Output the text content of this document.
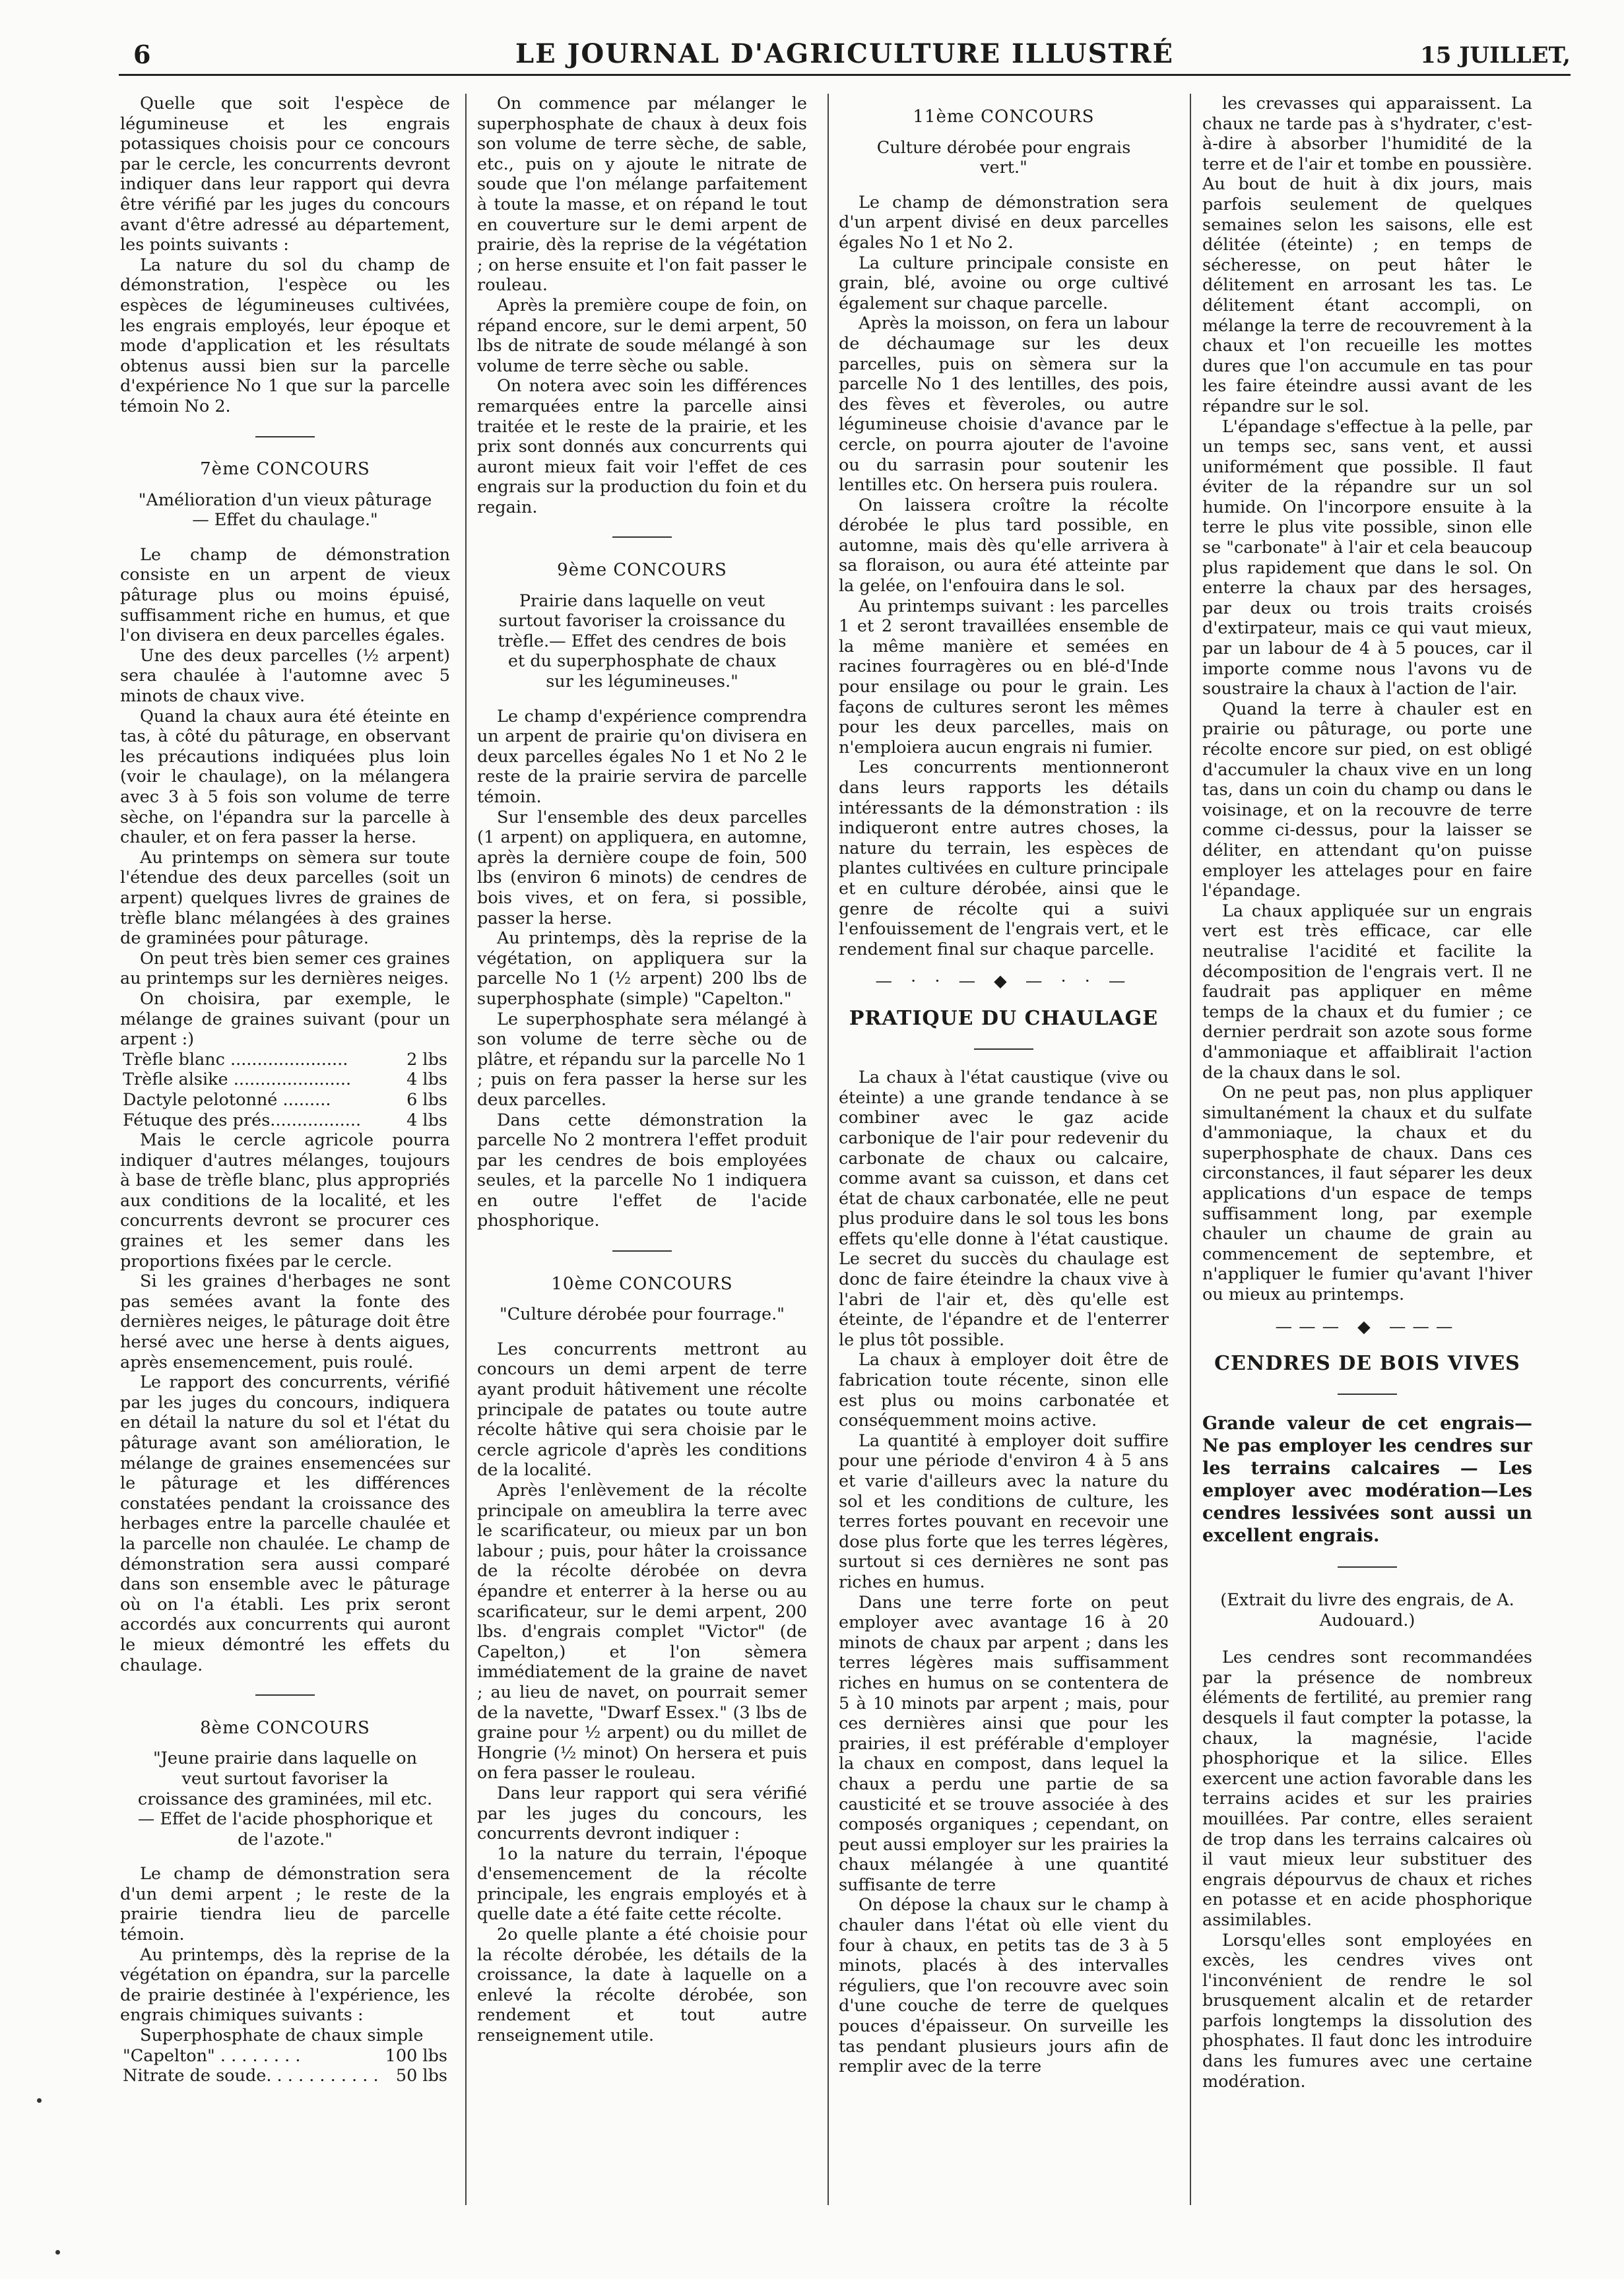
6	LE JOURNAL D'AGRICULTURE ILLUSTRÉ	15 JUILLET,

Quelle que soit l'espèce de légumineuse et les engrais potassiques choisis pour ce concours par le cercle, les concurrents devront indiquer dans leur rapport qui devra être vérifié par les juges du concours avant d'être adressé au département, les points suivants :

La nature du sol du champ de démonstration, l'espèce ou les espèces de légumineuses cultivées, les engrais employés, leur époque et mode d'application et les résultats obtenus aussi bien sur la parcelle d'expérience No 1 que sur la parcelle témoin No 2.

7ème CONCOURS

"Amélioration d'un vieux pâturage — Effet du chaulage."

Le champ de démonstration consiste en un arpent de vieux pâturage plus ou moins épuisé, suffisamment riche en humus, et que l'on divisera en deux parcelles égales.

Une des deux parcelles (½ arpent) sera chaulée à l'automne avec 5 minots de chaux vive.

Quand la chaux aura été éteinte en tas, à côté du pâturage, en observant les précautions indiquées plus loin (voir le chaulage), on la mélangera avec 3 à 5 fois son volume de terre sèche, on l'épandra sur la parcelle à chauler, et on fera passer la herse.

Au printemps on sèmera sur toute l'étendue des deux parcelles (soit un arpent) quelques livres de graines de trèfle blanc mélangées à des graines de graminées pour pâturage.

On peut très bien semer ces graines au printemps sur les dernières neiges.

On choisira, par exemple, le mélange de graines suivant (pour un arpent :)

Trèfle blanc ......................	2 lbs

Trèfle alsike ......................	4 lbs

Dactyle pelotonné .........	6 lbs

Fétuque des prés.................	4 lbs

Mais le cercle agricole pourra indiquer d'autres mélanges, toujours à base de trèfle blanc, plus appropriés aux conditions de la localité, et les concurrents devront se procurer ces graines et les semer dans les proportions fixées par le cercle.

Si les graines d'herbages ne sont pas semées avant la fonte des dernières neiges, le pâturage doit être hersé avec une herse à dents aigues, après ensemencement, puis roulé.

Le rapport des concurrents, vérifié par les juges du concours, indiquera en détail la nature du sol et l'état du pâturage avant son amélioration, le mélange de graines ensemencées sur le pâturage et les différences constatées pendant la croissance des herbages entre la parcelle chaulée et la parcelle non chaulée. Le champ de démonstration sera aussi comparé dans son ensemble avec le pâturage où on l'a établi. Les prix seront accordés aux concurrents qui auront le mieux démontré les effets du chaulage.

8ème CONCOURS

"Jeune prairie dans laquelle on veut surtout favoriser la croissance des graminées, mil etc. — Effet de l'acide phosphorique et de l'azote."

Le champ de démonstration sera d'un demi arpent ; le reste de la prairie tiendra lieu de parcelle témoin.

Au printemps, dès la reprise de la végétation on épandra, sur la parcelle de prairie destinée à l'expérience, les engrais chimiques suivants :

Superphosphate de chaux simple

"Capelton" . . . . . . . .	100 lbs

Nitrate de soude. . . . . . . . . . . 50 lbs

On commence par mélanger le superphosphate de chaux à deux fois son volume de terre sèche, de sable, etc., puis on y ajoute le nitrate de soude que l'on mélange parfaitement à toute la masse, et on répand le tout en couverture sur le demi arpent de prairie, dès la reprise de la végétation ; on herse ensuite et l'on fait passer le rouleau.

Après la première coupe de foin, on répand encore, sur le demi arpent, 50 lbs de nitrate de soude mélangé à son volume de terre sèche ou sable.

On notera avec soin les différences remarquées entre la parcelle ainsi traitée et le reste de la prairie, et les prix sont donnés aux concurrents qui auront mieux fait voir l'effet de ces engrais sur la production du foin et du regain.

9ème CONCOURS

Prairie dans laquelle on veut surtout favoriser la croissance du trèfle.— Effet des cendres de bois et du superphosphate de chaux sur les légumineuses."

Le champ d'expérience comprendra un arpent de prairie qu'on divisera en deux parcelles égales No 1 et No 2 le reste de la prairie servira de parcelle témoin.

Sur l'ensemble des deux parcelles (1 arpent) on appliquera, en automne, après la dernière coupe de foin, 500 lbs (environ 6 minots) de cendres de bois vives, et on fera, si possible, passer la herse.

Au printemps, dès la reprise de la végétation, on appliquera sur la parcelle No 1 (½ arpent) 200 lbs de superphosphate (simple) "Capelton."

Le superphosphate sera mélangé à son volume de terre sèche ou de plâtre, et répandu sur la parcelle No 1 ; puis on fera passer la herse sur les deux parcelles.

Dans cette démonstration la parcelle No 2 montrera l'effet produit par les cendres de bois employées seules, et la parcelle No 1 indiquera en outre l'effet de l'acide phosphorique.

10ème CONCOURS

"Culture dérobée pour fourrage."

Les concurrents mettront au concours un demi arpent de terre ayant produit hâtivement une récolte principale de patates ou toute autre récolte hâtive qui sera choisie par le cercle agricole d'après les conditions de la localité.

Après l'enlèvement de la récolte principale on ameublira la terre avec le scarificateur, ou mieux par un bon labour ; puis, pour hâter la croissance de la récolte dérobée on devra épandre et enterrer à la herse ou au scarificateur, sur le demi arpent, 200 lbs. d'engrais complet "Victor" (de Capelton,) et l'on sèmera immédiatement de la graine de navet ; au lieu de navet, on pourrait semer de la navette, "Dwarf Essex." (3 lbs de graine pour ½ arpent) ou du millet de Hongrie (½ minot) On hersera et puis on fera passer le rouleau.

Dans leur rapport qui sera vérifié par les juges du concours, les concurrents devront indiquer :

1o la nature du terrain, l'époque d'ensemencement de la récolte principale, les engrais employés et à quelle date a été faite cette récolte.

2o quelle plante a été choisie pour la récolte dérobée, les détails de la croissance, la date à laquelle on a enlevé la récolte dérobée, son rendement et tout autre renseignement utile.

11ème CONCOURS

Culture dérobée pour engrais vert."

Le champ de démonstration sera d'un arpent divisé en deux parcelles égales No 1 et No 2.

La culture principale consiste en grain, blé, avoine ou orge cultivé également sur chaque parcelle.

Après la moisson, on fera un labour de déchaumage sur les deux parcelles, puis on sèmera sur la parcelle No 1 des lentilles, des pois, des fèves et fèveroles, ou autre légumineuse choisie d'avance par le cercle, on pourra ajouter de l'avoine ou du sarrasin pour soutenir les lentilles etc. On hersera puis roulera.

On laissera croître la récolte dérobée le plus tard possible, en automne, mais dès qu'elle arrivera à sa floraison, ou aura été atteinte par la gelée, on l'enfouira dans le sol.

Au printemps suivant : les parcelles 1 et 2 seront travaillées ensemble de la même manière et semées en racines fourragères ou en blé-d'Inde pour ensilage ou pour le grain. Les façons de cultures seront les mêmes pour les deux parcelles, mais on n'emploiera aucun engrais ni fumier.

Les concurrents mentionneront dans leurs rapports les détails intéressants de la démonstration : ils indiqueront entre autres choses, la nature du terrain, les espèces de plantes cultivées en culture principale et en culture dérobée, ainsi que le genre de récolte qui a suivi l'enfouissement de l'engrais vert, et le rendement final sur chaque parcelle.

— · · — ◆ — · · —

PRATIQUE DU CHAULAGE

La chaux à l'état caustique (vive ou éteinte) a une grande tendance à se combiner avec le gaz acide carbonique de l'air pour redevenir du carbonate de chaux ou calcaire, comme avant sa cuisson, et dans cet état de chaux carbonatée, elle ne peut plus produire dans le sol tous les bons effets qu'elle donne à l'état caustique. Le secret du succès du chaulage est donc de faire éteindre la chaux vive à l'abri de l'air et, dès qu'elle est éteinte, de l'épandre et de l'enterrer le plus tôt possible.

La chaux à employer doit être de fabrication toute récente, sinon elle est plus ou moins carbonatée et conséquemment moins active.

La quantité à employer doit suffire pour une période d'environ 4 à 5 ans et varie d'ailleurs avec la nature du sol et les conditions de culture, les terres fortes pouvant en recevoir une dose plus forte que les terres légères, surtout si ces dernières ne sont pas riches en humus.

Dans une terre forte on peut employer avec avantage 16 à 20 minots de chaux par arpent ; dans les terres légères mais suffisamment riches en humus on se contentera de 5 à 10 minots par arpent ; mais, pour ces dernières ainsi que pour les prairies, il est préférable d'employer la chaux en compost, dans lequel la chaux a perdu une partie de sa causticité et se trouve associée à des composés organiques ; cependant, on peut aussi employer sur les prairies la chaux mélangée à une quantité suffisante de terre

On dépose la chaux sur le champ à chauler dans l'état où elle vient du four à chaux, en petits tas de 3 à 5 minots, placés à des intervalles réguliers, que l'on recouvre avec soin d'une couche de terre de quelques pouces d'épaisseur. On surveille les tas pendant plusieurs jours afin de remplir avec de la terre

les crevasses qui apparaissent. La chaux ne tarde pas à s'hydrater, c'est-à-dire à absorber l'humidité de la terre et de l'air et tombe en poussière. Au bout de huit à dix jours, mais parfois seulement de quelques semaines selon les saisons, elle est délitée (éteinte) ; en temps de sécheresse, on peut hâter le délitement en arrosant les tas. Le délitement étant accompli, on mélange la terre de recouvrement à la chaux et l'on recueille les mottes dures que l'on accumule en tas pour les faire éteindre aussi avant de les répandre sur le sol.

L'épandage s'effectue à la pelle, par un temps sec, sans vent, et aussi uniformément que possible. Il faut éviter de la répandre sur un sol humide. On l'incorpore ensuite à la terre le plus vite possible, sinon elle se "carbonate" à l'air et cela beaucoup plus rapidement que dans le sol. On enterre la chaux par des hersages, par deux ou trois traits croisés d'extirpateur, mais ce qui vaut mieux, par un labour de 4 à 5 pouces, car il importe comme nous l'avons vu de soustraire la chaux à l'action de l'air.

Quand la terre à chauler est en prairie ou pâturage, ou porte une récolte encore sur pied, on est obligé d'accumuler la chaux vive en un long tas, dans un coin du champ ou dans le voisinage, et on la recouvre de terre comme ci-dessus, pour la laisser se déliter, en attendant qu'on puisse employer les attelages pour en faire l'épandage.

La chaux appliquée sur un engrais vert est très efficace, car elle neutralise l'acidité et facilite la décomposition de l'engrais vert. Il ne faudrait pas appliquer en même temps de la chaux et du fumier ; ce dernier perdrait son azote sous forme d'ammoniaque et affaiblirait l'action de la chaux dans le sol.

On ne peut pas, non plus appliquer simultanément la chaux et du sulfate d'ammoniaque, la chaux et du superphosphate de chaux. Dans ces circonstances, il faut séparer les deux applications d'un espace de temps suffisamment long, par exemple chauler un chaume de grain au commencement de septembre, et n'appliquer le fumier qu'avant l'hiver ou mieux au printemps.

——— ◆ ———

CENDRES DE BOIS VIVES

Grande valeur de cet engrais—Ne pas employer les cendres sur les terrains calcaires — Les employer avec modération—Les cendres lessivées sont aussi un excellent engrais.

(Extrait du livre des engrais, de A. Audouard.)

Les cendres sont recommandées par la présence de nombreux éléments de fertilité, au premier rang desquels il faut compter la potasse, la chaux, la magnésie, l'acide phosphorique et la silice. Elles exercent une action favorable dans les terrains acides et sur les prairies mouillées. Par contre, elles seraient de trop dans les terrains calcaires où il vaut mieux leur substituer des engrais dépourvus de chaux et riches en potasse et en acide phosphorique assimilables.

Lorsqu'elles sont employées en excès, les cendres vives ont l'inconvénient de rendre le sol brusquement alcalin et de retarder parfois longtemps la dissolution des phosphates. Il faut donc les introduire dans les fumures avec une certaine modération.
